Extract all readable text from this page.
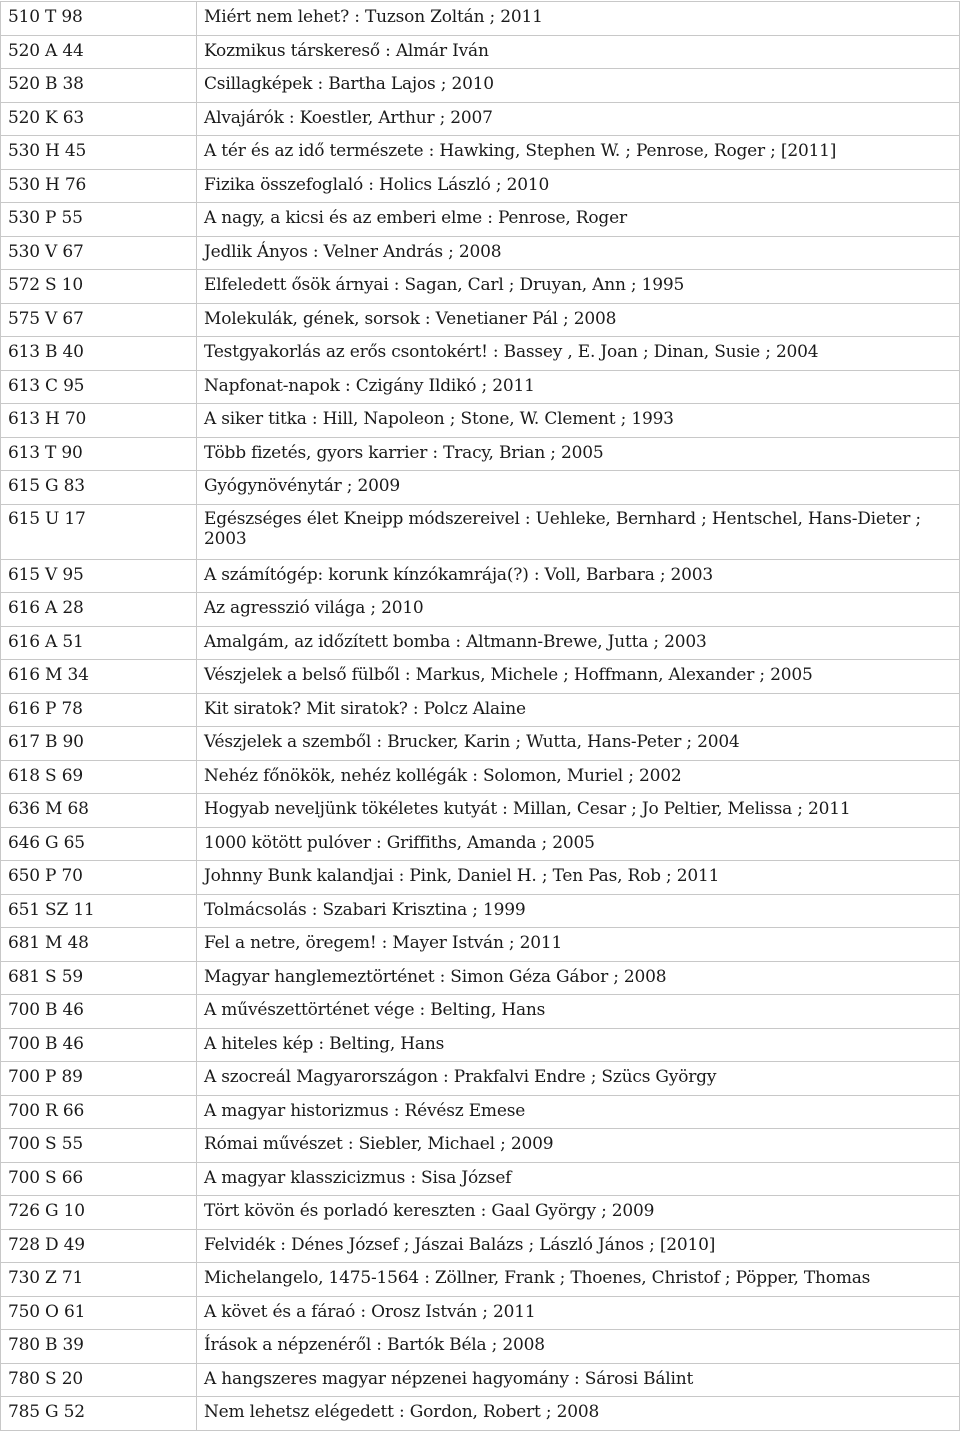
510 T 98	Miért nem lehet? : Tuzson Zoltán ; 2011
520 A 44	Kozmikus társkereső : Almár Iván
520 B 38	Csillagképek : Bartha Lajos ; 2010
520 K 63	Alvajárók : Koestler, Arthur ; 2007
530 H 45	A tér és az idő természete : Hawking, Stephen W. ; Penrose, Roger ; [2011]
530 H 76	Fizika összefoglaló : Holics László ; 2010
530 P 55	A nagy, a kicsi és az emberi elme : Penrose, Roger
530 V 67	Jedlik Ányos : Velner András ; 2008
572 S 10	Elfeledett ősök árnyai : Sagan, Carl ; Druyan, Ann ; 1995
575 V 67	Molekulák, gének, sorsok : Venetianer Pál ; 2008
613 B 40	Testgyakorlás az erős csontokért! : Bassey , E. Joan ; Dinan, Susie ; 2004
613 C 95	Napfonat-napok : Czigány Ildikó ; 2011
613 H 70	A siker titka : Hill, Napoleon ; Stone, W. Clement ; 1993
613 T 90	Több fizetés, gyors karrier : Tracy, Brian ; 2005
615 G 83	Gyógynövénytár ; 2009
615 U 17	Egészséges élet Kneipp módszereivel : Uehleke, Bernhard ; Hentschel, Hans-Dieter ; 2003
615 V 95	A számítógép: korunk kínzókamrája(?) : Voll, Barbara ; 2003
616 A 28	Az agresszió világa ; 2010
616 A 51	Amalgám, az időzített bomba : Altmann-Brewe, Jutta ; 2003
616 M 34	Vészjelek a belső fülből : Markus, Michele ; Hoffmann, Alexander ; 2005
616 P 78	Kit siratok? Mit siratok? : Polcz Alaine
617 B 90	Vészjelek a szemből : Brucker, Karin ; Wutta, Hans-Peter ; 2004
618 S 69	Nehéz főnökök, nehéz kollégák : Solomon, Muriel ; 2002
636 M 68	Hogyab neveljünk tökéletes kutyát : Millan, Cesar ; Jo Peltier, Melissa ; 2011
646 G 65	1000 kötött pulóver : Griffiths, Amanda ; 2005
650 P 70	Johnny Bunk kalandjai : Pink, Daniel H. ; Ten Pas, Rob ; 2011
651 SZ 11	Tolmácsolás : Szabari Krisztina ; 1999
681 M 48	Fel a netre, öregem! : Mayer István ; 2011
681 S 59	Magyar hanglemeztörténet : Simon Géza Gábor ; 2008
700 B 46	A művészettörténet vége : Belting, Hans
700 B 46	A hiteles kép : Belting, Hans
700 P 89	A szocreál Magyarországon : Prakfalvi Endre ; Szücs György
700 R 66	A magyar historizmus : Révész Emese
700 S 55	Római művészet : Siebler, Michael ; 2009
700 S 66	A magyar klasszicizmus : Sisa József
726 G 10	Tört kövön és porladó kereszten : Gaal György ; 2009
728 D 49	Felvidék : Dénes József ; Jászai Balázs ; László János ; [2010]
730 Z 71	Michelangelo, 1475-1564 : Zöllner, Frank ; Thoenes, Christof ; Pöpper, Thomas
750 O 61	A követ és a fáraó : Orosz István ; 2011
780 B 39	Írások a népzenéről : Bartók Béla ; 2008
780 S 20	A hangszeres magyar népzenei hagyomány : Sárosi Bálint
785 G 52	Nem lehetsz elégedett : Gordon, Robert ; 2008
